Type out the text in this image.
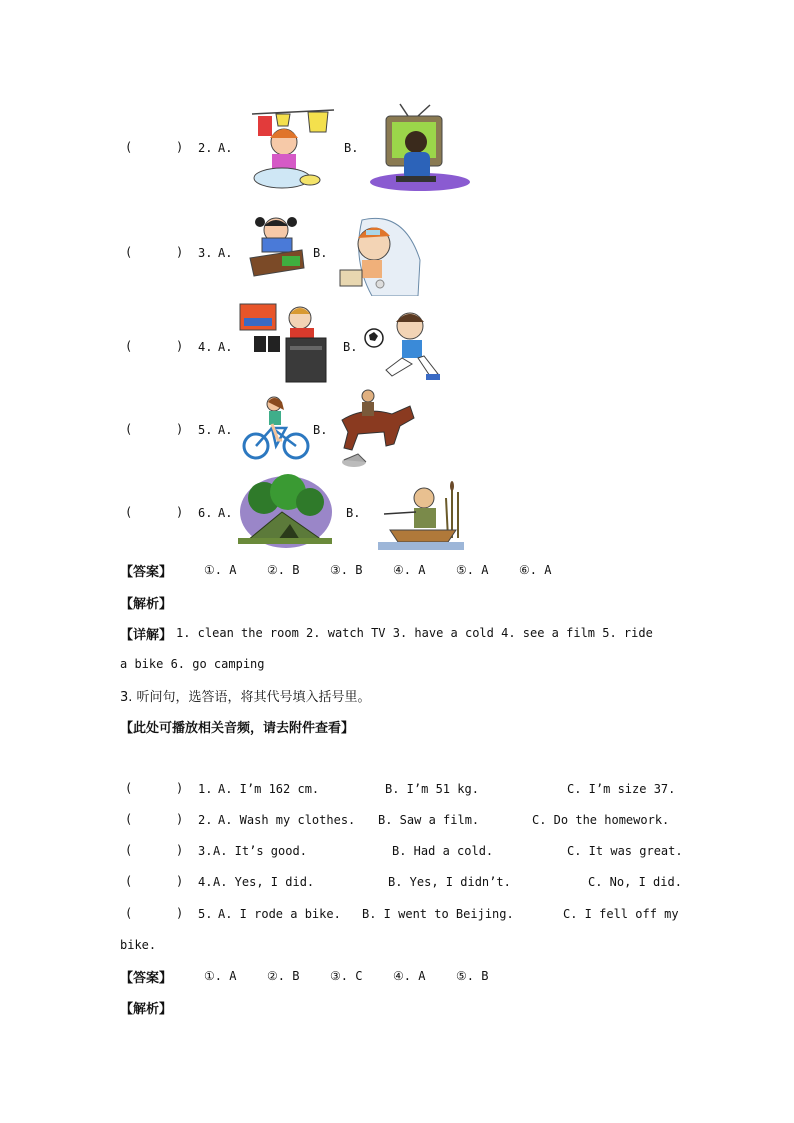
(	) 2. A.	B.
(	) 3. A.	B.
(	) 4. A.	B.
(	) 5. A.	B.
(	) 6. A.	B.
【答案】	①. A	②. B	③. B	④. A	⑤. A	⑥. A
【解析】
【详解】 1. clean the room 2. watch TV 3. have a cold 4. see a film 5. ride
a bike 6. go camping
3. 听问句，选答语，将其代号填入括号里。
【此处可播放相关音频，请去附件查看】
(	) 1. A. I’m 162 cm.	B. I’m 51 kg.	C. I’m size 37.
(	) 2. A. Wash my clothes. B. Saw a film.	C. Do the homework.
(	) 3. A. It’s good.	B. Had a cold.	C. It was great.
(	) 4. A. Yes, I did.	B. Yes, I didn’t.	C. No, I did.
(	) 5. A. I rode a bike. B. I went to Beijing.	C. I fell off my
bike.
【答案】	①. A	②. B	③. C	④. A	⑤. B
【解析】
